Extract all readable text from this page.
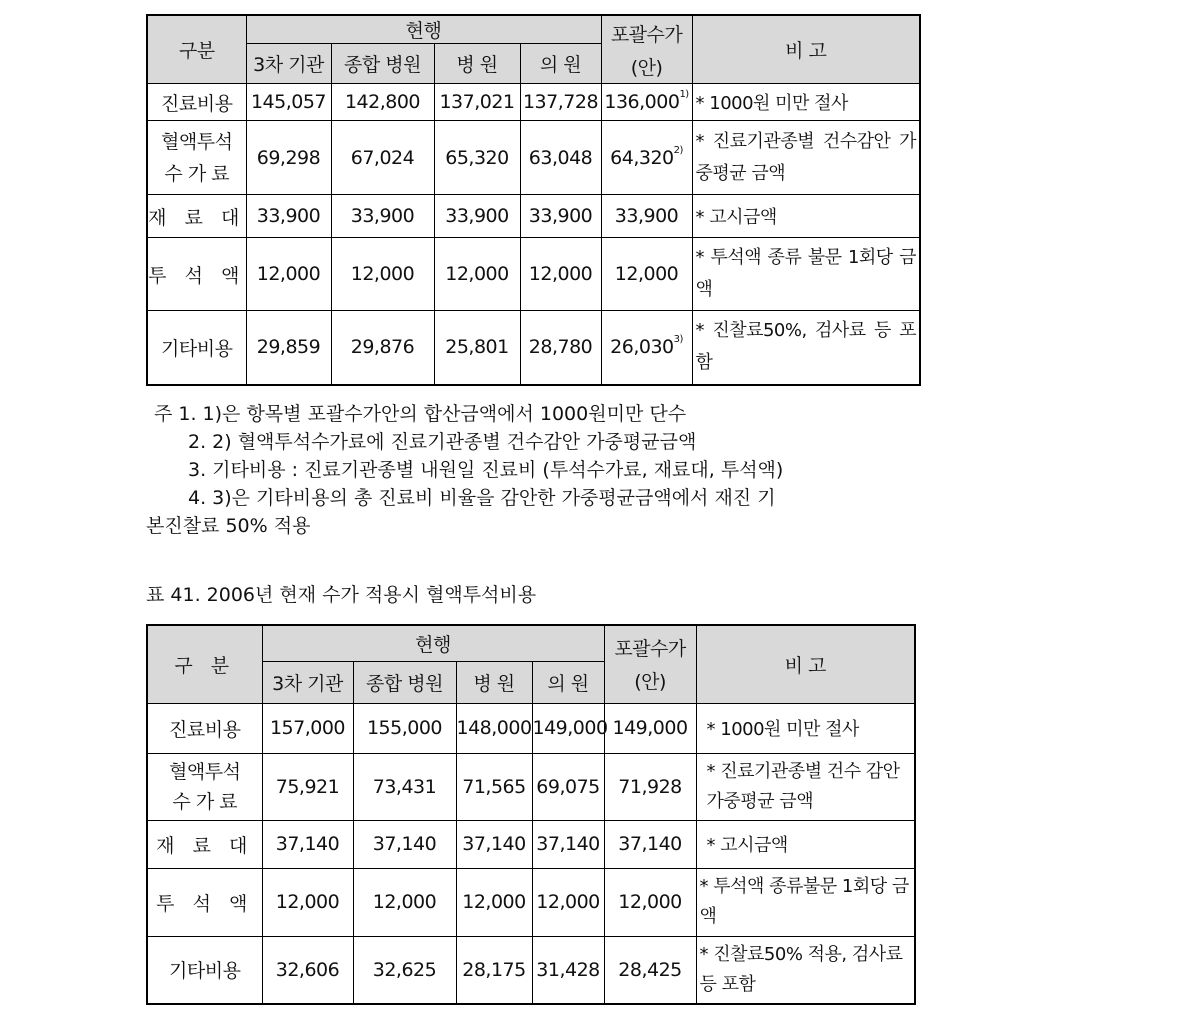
구분	현행				포괄수가
(안)	비 고
	3차 기관	종합 병원	병 원	의 원		
진료비용	145,057	142,800	137,021	137,728	136,000$^{1)}$	* 1000원 미만 절사

혈액투석
수 가 료	69,298	67,024	65,320	63,048	64,320$^{2)}$	* 진료기관종별 건수감안 가중평균 금액
재 료 대	33,900	33,900	33,900	33,900	33,900	* 고시금액
투 석 액	12,000	12,000	12,000	12,000	12,000	* 투석액 종류 불문 1회당 금액
기타비용	29,859	29,876	25,801	28,780	26,030$^{3)}$	* 진찰료50%, 검사료 등 포함
주 1. 1)은 항목별 포괄수가안의 합산금액에서 1000원미만 단수
2. 2) 혈액투석수가료에 진료기관종별 건수감안 가중평균금액
3. 기타비용 : 진료기관종별 내원일 진료비 (투석수가료, 재료대, 투석액)
4. 3)은 기타비용의 총 진료비 비율을 감안한 가중평균금액에서 재진 기
본진찰료 50% 적용
표 41. 2006년 현재 수가 적용시 혈액투석비용
구 분	현행				포괄수가
(안)	비 고
	3차 기관	종합 병원	병 원	의 원		
진료비용	157,000	155,000	148,000	149,000	149,000	* 1000원 미만 절사

혈액투석
수 가 료	75,921	73,431	71,565	69,075	71,928	* 진료기관종별 건수 감안 가중평균 금액
재 료 대	37,140	37,140	37,140	37,140	37,140	* 고시금액
투 석 액	12,000	12,000	12,000	12,000	12,000	* 투석액 종류불문 1회당 금액
기타비용	32,606	32,625	28,175	31,428	28,425	* 진찰료50% 적용, 검사료 등 포함
